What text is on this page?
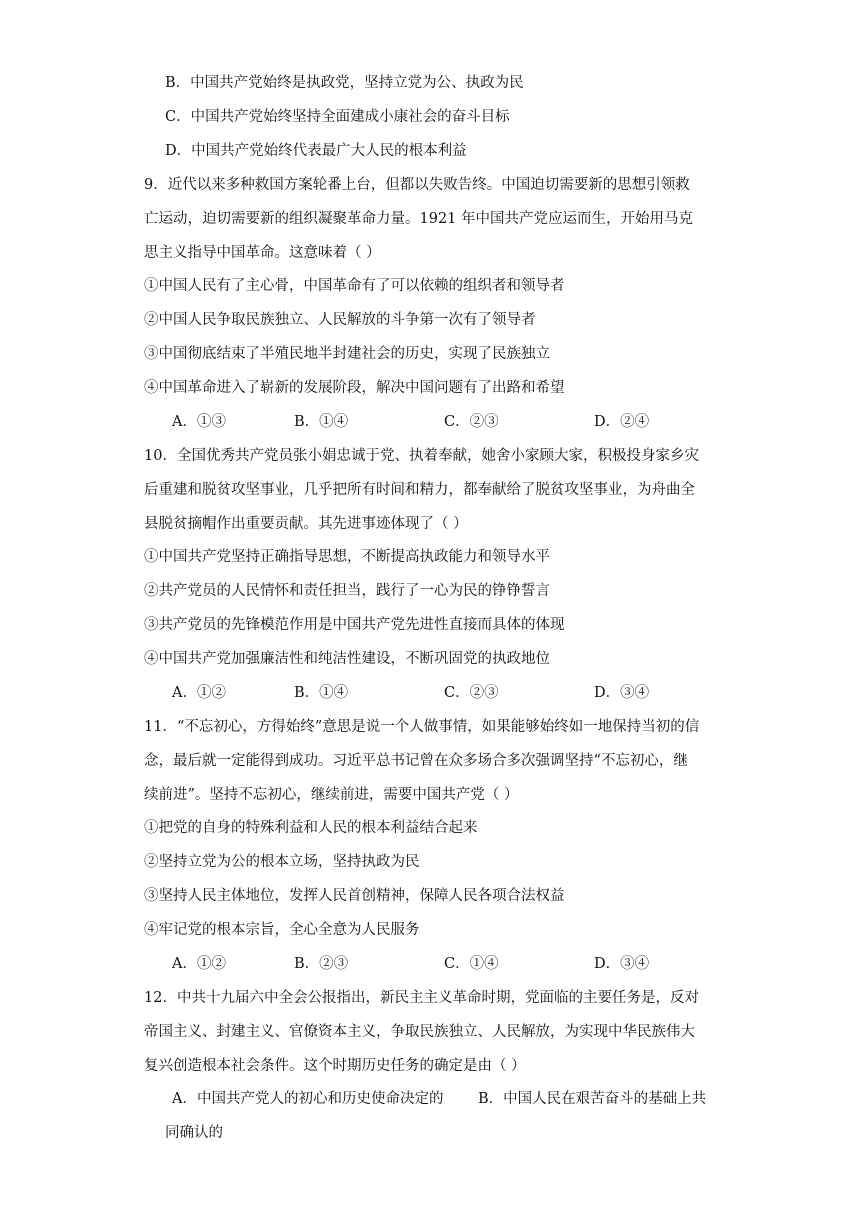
B．中国共产党始终是执政党，坚持立党为公、执政为民
C．中国共产党始终坚持全面建成小康社会的奋斗目标
D．中国共产党始终代表最广大人民的根本利益
9．近代以来多种救国方案轮番上台，但都以失败告终。中国迫切需要新的思想引领救
亡运动，迫切需要新的组织凝聚革命力量。1921 年中国共产党应运而生，开始用马克
思主义指导中国革命。这意味着（ ）
①中国人民有了主心骨，中国革命有了可以依赖的组织者和领导者
②中国人民争取民族独立、人民解放的斗争第一次有了领导者
③中国彻底结束了半殖民地半封建社会的历史，实现了民族独立
④中国革命进入了崭新的发展阶段，解决中国问题有了出路和希望
A．①③	B．①④	C．②③	D．②④
10．全国优秀共产党员张小娟忠诚于党、执着奉献，她舍小家顾大家，积极投身家乡灾
后重建和脱贫攻坚事业，几乎把所有时间和精力，都奉献给了脱贫攻坚事业，为舟曲全
县脱贫摘帽作出重要贡献。其先进事迹体现了（ ）
①中国共产党坚持正确指导思想，不断提高执政能力和领导水平
②共产党员的人民情怀和责任担当，践行了一心为民的铮铮誓言
③共产党员的先锋模范作用是中国共产党先进性直接而具体的体现
④中国共产党加强廉洁性和纯洁性建设，不断巩固党的执政地位
A．①②	B．①④	C．②③	D．③④
11．“不忘初心，方得始终”意思是说一个人做事情，如果能够始终如一地保持当初的信
念，最后就一定能得到成功。习近平总书记曾在众多场合多次强调坚持“不忘初心，继
续前进”。坚持不忘初心，继续前进，需要中国共产党（ ）
①把党的自身的特殊利益和人民的根本利益结合起来
②坚持立党为公的根本立场，坚持执政为民
③坚持人民主体地位，发挥人民首创精神，保障人民各项合法权益
④牢记党的根本宗旨，全心全意为人民服务
A．①②	B．②③	C．①④	D．③④
12．中共十九届六中全会公报指出，新民主主义革命时期，党面临的主要任务是，反对
帝国主义、封建主义、官僚资本主义，争取民族独立、人民解放，为实现中华民族伟大
复兴创造根本社会条件。这个时期历史任务的确定是由（ ）
A．中国共产党人的初心和历史使命决定的 B．中国人民在艰苦奋斗的基础上共
同确认的
